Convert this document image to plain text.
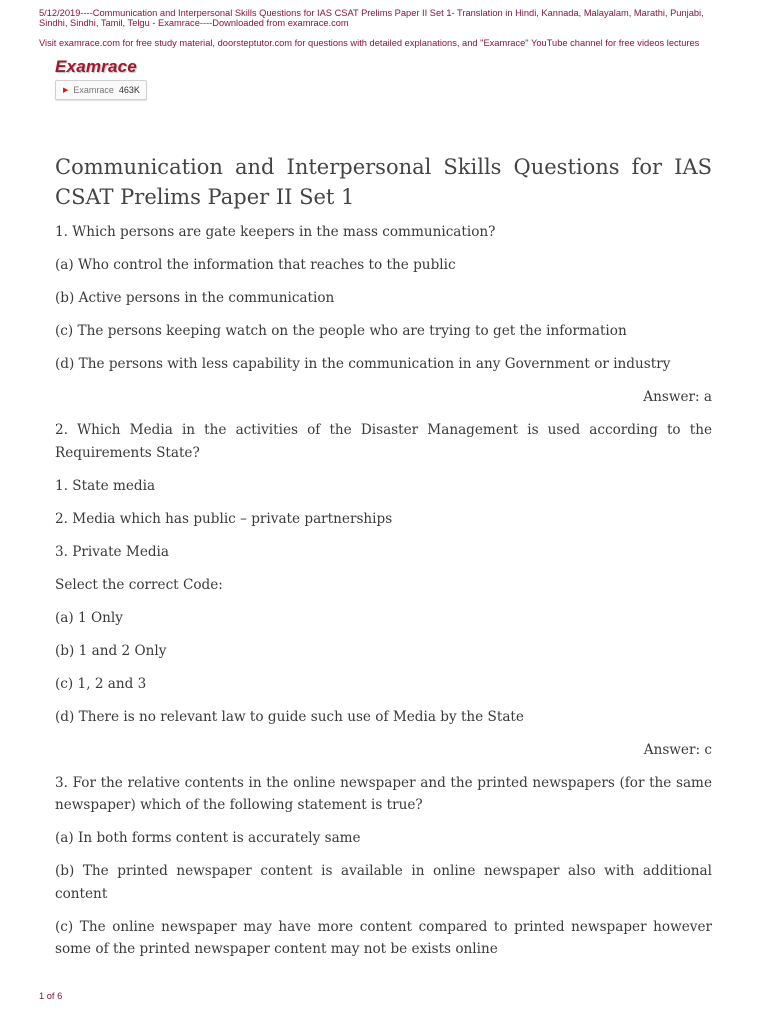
5/12/2019----Communication and Interpersonal Skills Questions for IAS CSAT Prelims Paper II Set 1- Translation in Hindi, Kannada, Malayalam, Marathi, Punjabi, Sindhi, Sindhi, Tamil, Telgu - Examrace----Downloaded from examrace.com
Visit examrace.com for free study material, doorsteptutor.com for questions with detailed explanations, and "Examrace" YouTube channel for free videos lectures
Examrace
▶ Examrace 463K
Communication and Interpersonal Skills Questions for IAS CSAT Prelims Paper II Set 1

1. Which persons are gate keepers in the mass communication?

(a) Who control the information that reaches to the public

(b) Active persons in the communication

(c) The persons keeping watch on the people who are trying to get the information

(d) The persons with less capability in the communication in any Government or industry

Answer: a

2. Which Media in the activities of the Disaster Management is used according to the Requirements State?

1. State media

2. Media which has public – private partnerships

3. Private Media

Select the correct Code:

(a) 1 Only

(b) 1 and 2 Only

(c) 1, 2 and 3

(d) There is no relevant law to guide such use of Media by the State

Answer: c

3. For the relative contents in the online newspaper and the printed newspapers (for the same newspaper) which of the following statement is true?

(a) In both forms content is accurately same

(b) The printed newspaper content is available in online newspaper also with additional content

(c) The online newspaper may have more content compared to printed newspaper however some of the printed newspaper content may not be exists online

1 of 6
